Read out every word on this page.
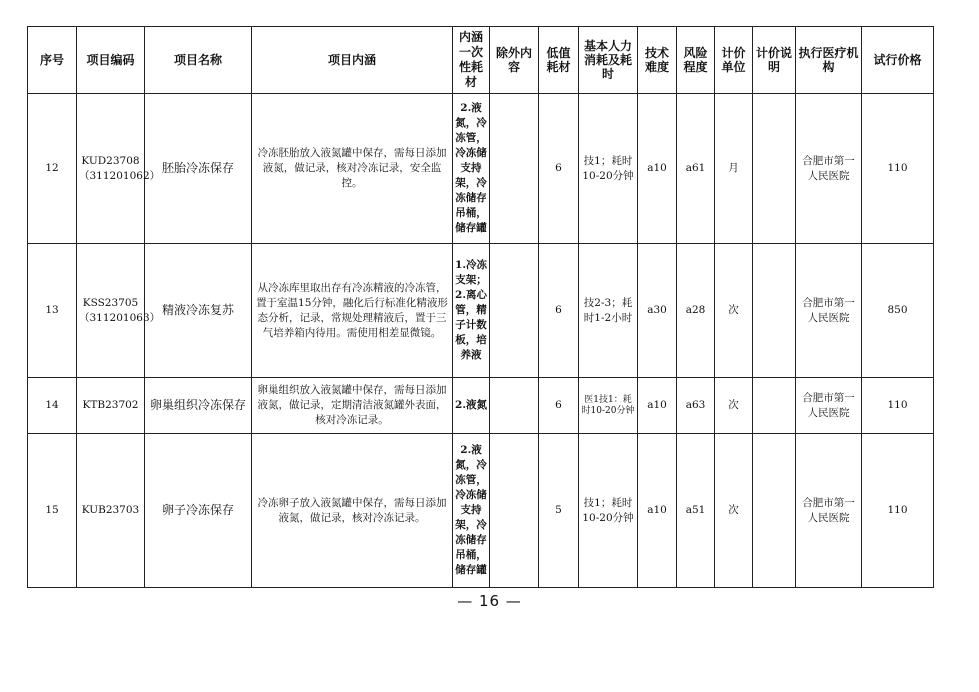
序号	项目编码	项目名称	项目内涵	内涵一次性耗材	除外内容	低值耗材	基本人力消耗及耗时	技术难度	风险程度	计价单位	计价说明	执行医疗机构	试行价格
12	KUD23708（311201062）	胚胎冷冻保存	冷冻胚胎放入液氮罐中保存，需每日添加液氮，做记录，核对冷冻记录，安全监控。	2.液氮，冷冻管，冷冻储支持架，冷冻储存吊桶，储存罐		6	技1；耗时10-20分钟	a10	a61	月		合肥市第一人民医院	110
13	KSS23705（311201063）	精液冷冻复苏	从冷冻库里取出存有冷冻精液的冷冻管，置于室温15分钟，融化后行标准化精液形态分析，记录，常规处理精液后，置于三气培养箱内待用。需使用相差显微镜。	1.冷冻支架；2.离心管，精子计数板，培养液		6	技2-3；耗时1-2小时	a30	a28	次		合肥市第一人民医院	850
14	KTB23702	卵巢组织冷冻保存	卵巢组织放入液氮罐中保存，需每日添加液氮，做记录，定期清洁液氮罐外表面，核对冷冻记录。	2.液氮		6	医1技1：耗时10-20分钟	a10	a63	次		合肥市第一人民医院	110
15	KUB23703	卵子冷冻保存	冷冻卵子放入液氮罐中保存，需每日添加液氮，做记录，核对冷冻记录。	2.液氮，冷冻管，冷冻储支持架，冷冻储存吊桶，储存罐		5	技1；耗时10-20分钟	a10	a51	次		合肥市第一人民医院	110
— 16 —
